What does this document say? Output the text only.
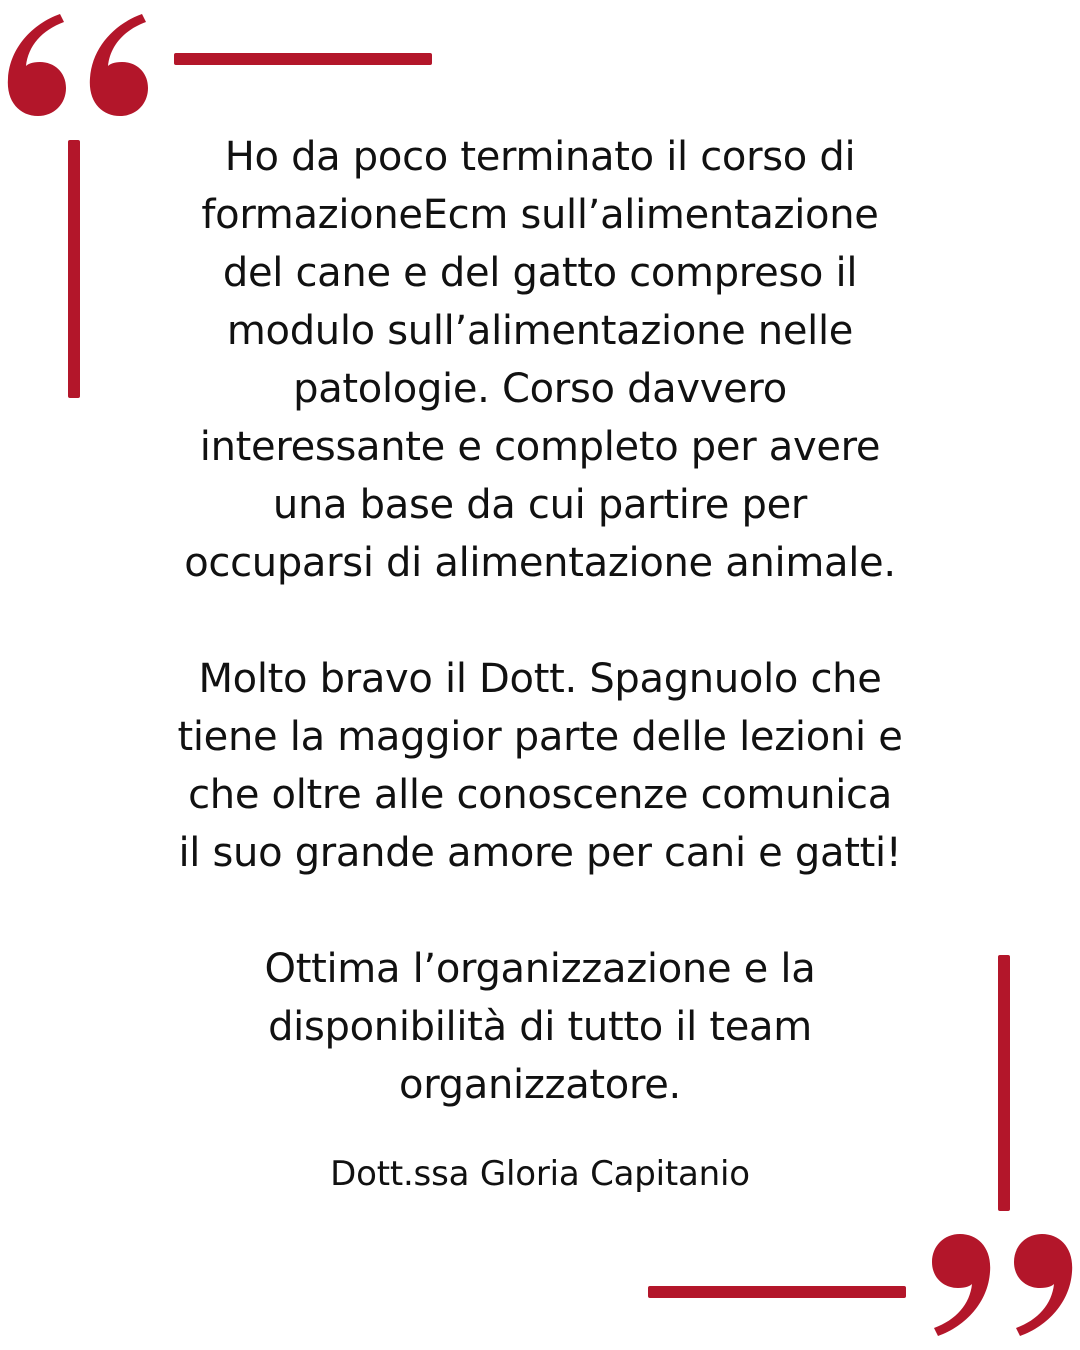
Ho da poco terminato il corso di
formazioneEcm sull’alimentazione
del cane e del gatto compreso il
modulo sull’alimentazione nelle
patologie. Corso davvero
interessante e completo per avere
una base da cui partire per
occuparsi di alimentazione animale.
Molto bravo il Dott. Spagnuolo che
tiene la maggior parte delle lezioni e
che oltre alle conoscenze comunica
il suo grande amore per cani e gatti!
Ottima l’organizzazione e la
disponibilità di tutto il team
organizzatore.
Dott.ssa Gloria Capitanio
